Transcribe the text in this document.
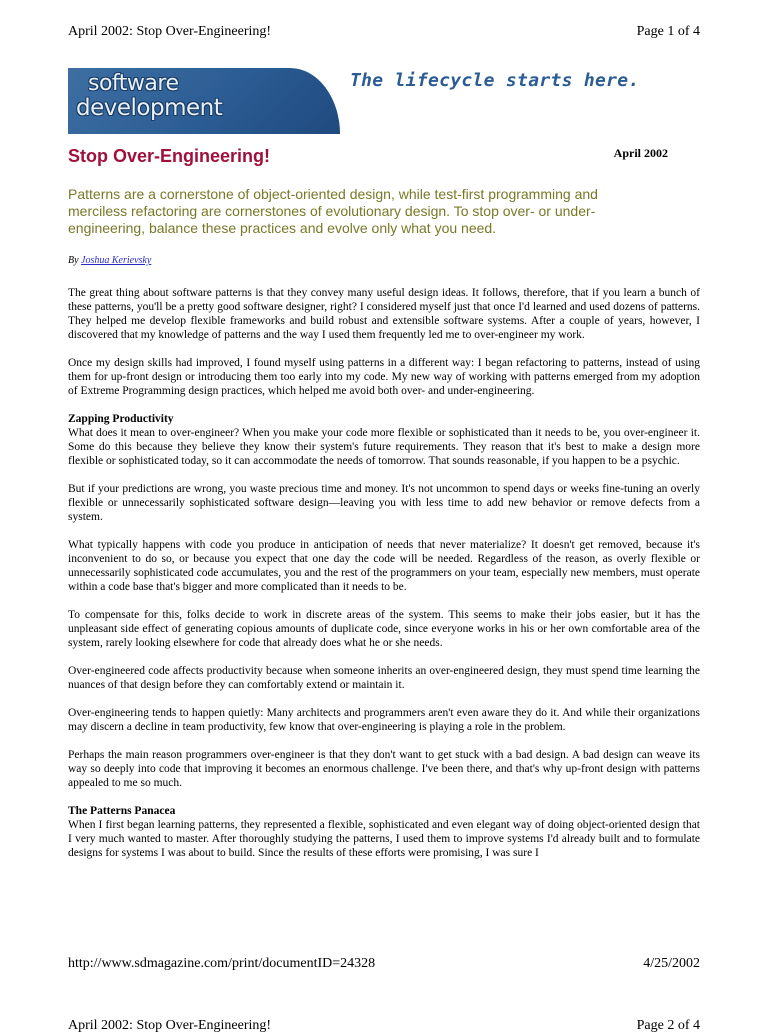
April 2002: Stop Over-Engineering!	Page 1 of 4
software
development
The lifecycle starts here.
Stop Over-Engineering!	April 2002
Patterns are a cornerstone of object-oriented design, while test-first programming and merciless refactoring are cornerstones of evolutionary design. To stop over- or under-engineering, balance these practices and evolve only what you need.
By Joshua Kerievsky

The great thing about software patterns is that they convey many useful design ideas. It follows, therefore, that if you learn a bunch of these patterns, you'll be a pretty good software designer, right? I considered myself just that once I'd learned and used dozens of patterns. They helped me develop flexible frameworks and build robust and extensible software systems. After a couple of years, however, I discovered that my knowledge of patterns and the way I used them frequently led me to over-engineer my work.

Once my design skills had improved, I found myself using patterns in a different way: I began refactoring to patterns, instead of using them for up-front design or introducing them too early into my code. My new way of working with patterns emerged from my adoption of Extreme Programming design practices, which helped me avoid both over- and under-engineering.

Zapping Productivity

What does it mean to over-engineer? When you make your code more flexible or sophisticated than it needs to be, you over-engineer it. Some do this because they believe they know their system's future requirements. They reason that it's best to make a design more flexible or sophisticated today, so it can accommodate the needs of tomorrow. That sounds reasonable, if you happen to be a psychic.

But if your predictions are wrong, you waste precious time and money. It's not uncommon to spend days or weeks fine-tuning an overly flexible or unnecessarily sophisticated software design—leaving you with less time to add new behavior or remove defects from a system.

What typically happens with code you produce in anticipation of needs that never materialize? It doesn't get removed, because it's inconvenient to do so, or because you expect that one day the code will be needed. Regardless of the reason, as overly flexible or unnecessarily sophisticated code accumulates, you and the rest of the programmers on your team, especially new members, must operate within a code base that's bigger and more complicated than it needs to be.

To compensate for this, folks decide to work in discrete areas of the system. This seems to make their jobs easier, but it has the unpleasant side effect of generating copious amounts of duplicate code, since everyone works in his or her own comfortable area of the system, rarely looking elsewhere for code that already does what he or she needs.

Over-engineered code affects productivity because when someone inherits an over-engineered design, they must spend time learning the nuances of that design before they can comfortably extend or maintain it.

Over-engineering tends to happen quietly: Many architects and programmers aren't even aware they do it. And while their organizations may discern a decline in team productivity, few know that over-engineering is playing a role in the problem.

Perhaps the main reason programmers over-engineer is that they don't want to get stuck with a bad design. A bad design can weave its way so deeply into code that improving it becomes an enormous challenge. I've been there, and that's why up-front design with patterns appealed to me so much.

The Patterns Panacea

When I first began learning patterns, they represented a flexible, sophisticated and even elegant way of doing object-oriented design that I very much wanted to master. After thoroughly studying the patterns, I used them to improve systems I'd already built and to formulate designs for systems I was about to build. Since the results of these efforts were promising, I was sure I

http://www.sdmagazine.com/print/documentID=24328	4/25/2002
April 2002: Stop Over-Engineering!	Page 2 of 4
